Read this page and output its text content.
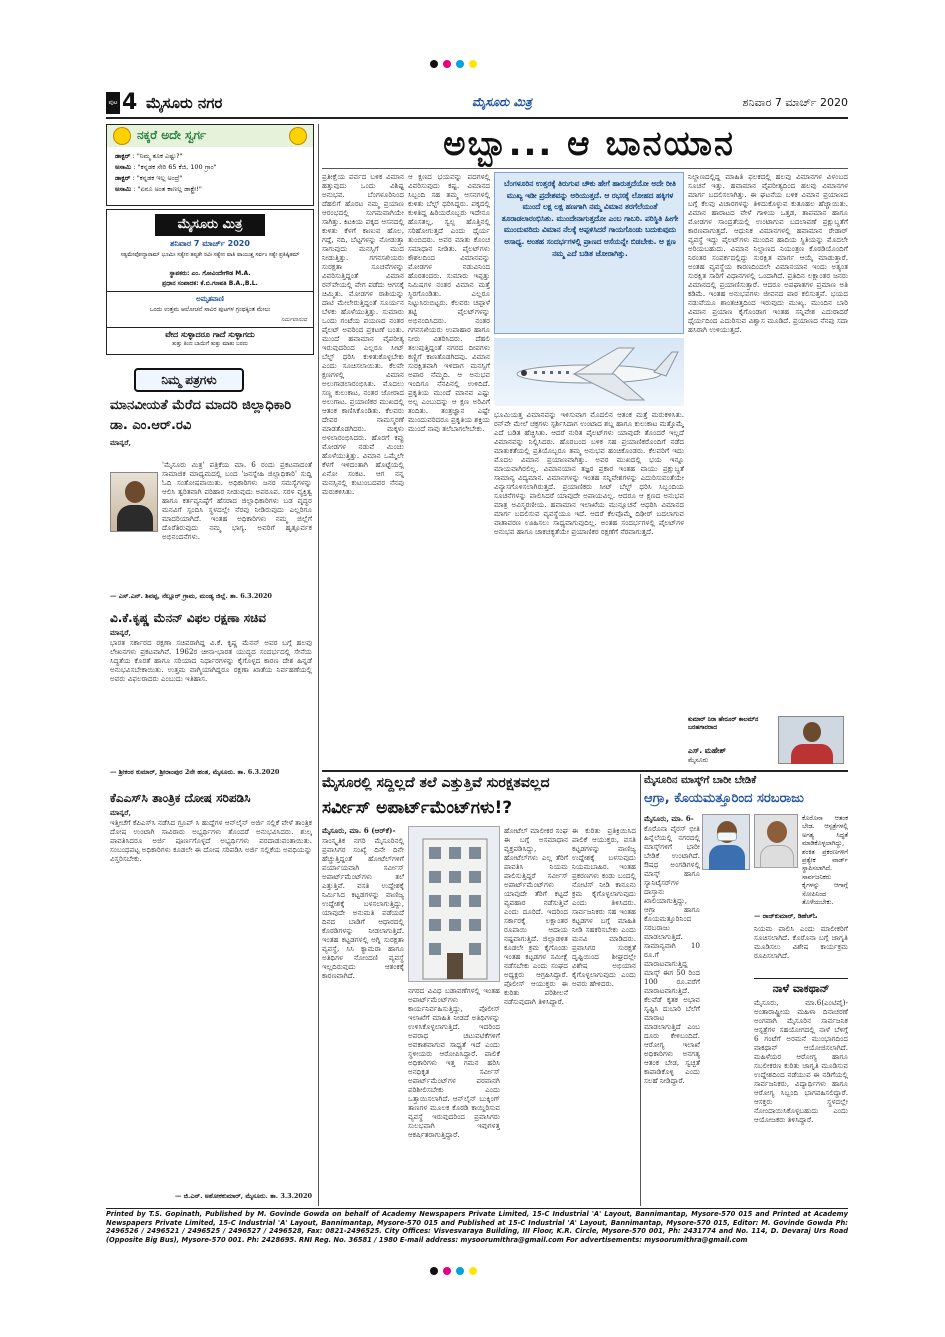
ಪುಟ 4 ಮೈಸೂರು ನಗರ	ಮೈಸೂರು ಮಿತ್ರ	ಶನಿವಾರ 7 ಮಾರ್ಚ್ 2020
ನಕ್ಕರೆ ಅದೇ ಸ್ವರ್ಗ
ಡಾಕ್ಟರ್ : "ನಿಮ್ಮ ತೂಕ ಎಷ್ಟು?"
ಅಸಾಮಿ : "ಕನ್ನಡಕ ಸೇರಿ 65 ಕೆಜಿ, 100 ಗ್ರಾಂ"
ಡಾಕ್ಟರ್ : "ಕನ್ನಡಕ ಇಲ್ಲ ಅಂದ್ರೆ"
ಅಸಾಮಿ : "ಏನೂ ಅಂತ ಕಾಣಲ್ಲ ಡಾಕ್ಟ್ರೇ!"
ಮೈಸೂರು ಮಿತ್ರ
ಶನಿವಾರ 7 ಮಾರ್ಚ್ 2020
ಸತ್ಯಮೇವೋದ್ಧಾರಾಮ್ ಭೂಮಿಃ ಸತ್ಯೇನ ತಪ್ಯತೇ ರವಿಃ ಸತ್ಯೇನ ವಾತಿ ವಾಯುಶ್ಚ ಸರ್ವಂ ಸತ್ಯೇ ಪ್ರತಿಷ್ಠಿತಮ್
ಸ್ಥಾಪಕರು: ಎಂ. ಗೋವಿಂದೇಗೌಡ M.A.
ಪ್ರಧಾನ ಸಂಪಾದಕ: ಕೆ.ಬಿ.ಗಣಪತಿ B.A.,B.L.
ಅಮೃತವಾಣಿ
ಒಂದು ಉತ್ತಮ ಆಲೋಚನೆ ಸಾವಿರ ಪುಟಗಳ ಗ್ರಂಥಕ್ಕಿಂತ ಮೇಲು
ನಿರ್ಮಲಾನಂದ
ವೇದ ಸುಳ್ಳಾದರೂ ಗಾದೆ ಸುಳ್ಳಾಗದು
ತುತ್ತು ತಿಂದ ಬಾಯಿಗೆ ತುತ್ತು ಮಾತು ಬರದು
ನಿಮ್ಮ ಪತ್ರಗಳು
ಮಾನವೀಯತೆ ಮೆರೆದ ಮಾದರಿ ಜಿಲ್ಲಾಧಿಕಾರಿ ಡಾ. ಎಂ.ಆರ್.ರವಿ
ಮಾನ್ಯರೆ,
'ಮೈಸೂರು ಮಿತ್ರ' ಪತ್ರಿಕೆಯ ಮಾ. 6 ರಂದು ಪ್ರಕಟವಾದಂತೆ ಸಾಮಾಜಿಕ ಮಾಧ್ಯಮದಲ್ಲಿ ಬಂದ 'ಜನಸ್ನೇಹಿ ಜಿಲ್ಲಾಧಿಕಾರಿ' ಸುದ್ದಿ ಓದಿ ಸಂತೋಷವಾಯಿತು. ಅಧಿಕಾರಿಗಳು ಜನರ ಸಮಸ್ಯೆಗಳನ್ನು ಆಲಿಸಿ ತ್ವರಿತವಾಗಿ ಪರಿಹಾರ ನೀಡುವುದು ಅಪರೂಪ. ಸರಳ ವ್ಯಕ್ತಿತ್ವ ಹಾಗೂ ಕರ್ತವ್ಯನಿಷ್ಠೆಗೆ ಹೆಸರಾದ ಜಿಲ್ಲಾಧಿಕಾರಿಗಳು ಬಡ ವೃದ್ಧರ ಮನವಿಗೆ ಸ್ಪಂದಿಸಿ ಸ್ಥಳದಲ್ಲೇ ನೆರವು ನೀಡಿರುವುದು ಎಲ್ಲರಿಗೂ ಮಾದರಿಯಾಗಿದೆ. ಇಂತಹ ಅಧಿಕಾರಿಗಳು ನಮ್ಮ ಜಿಲ್ಲೆಗೆ ದೊರೆತಿರುವುದು ನಮ್ಮ ಭಾಗ್ಯ. ಅವರಿಗೆ ಹೃತ್ಪೂರ್ವಕ ಅಭಿನಂದನೆಗಳು.
— ಎಸ್.ಎನ್. ಶಿವಪ್ಪ, ನೆಲ್ಲೂರ್ ಗ್ರಾಮ, ಮಂಡ್ಯ ಜಿಲ್ಲೆ. ತಾ. 6.3.2020
ವಿ.ಕೆ.ಕೃಷ್ಣ ಮೆನನ್ ವಿಫಲ ರಕ್ಷಣಾ ಸಚಿವ
ಮಾನ್ಯರೆ,
ಭಾರತ ಸರ್ಕಾರದ ರಕ್ಷಣಾ ಸಚಿವರಾಗಿದ್ದ ವಿ.ಕೆ. ಕೃಷ್ಣ ಮೆನನ್ ಅವರ ಬಗ್ಗೆ ಹಲವು ಲೇಖನಗಳು ಪ್ರಕಟವಾಗಿವೆ. 1962ರ ಚೀನಾ-ಭಾರತ ಯುದ್ಧದ ಸಂದರ್ಭದಲ್ಲಿ ಸೇನೆಯ ಸಿದ್ಧತೆಯ ಕೊರತೆ ಹಾಗೂ ಸರಿಯಾದ ನಿರ್ಧಾರಗಳನ್ನು ಕೈಗೊಳ್ಳದ ಕಾರಣ ದೇಶ ಹಿನ್ನಡೆ ಅನುಭವಿಸಬೇಕಾಯಿತು. ಉತ್ತಮ ವಾಗ್ಮಿಯಾಗಿದ್ದರೂ ರಕ್ಷಣಾ ಖಾತೆಯ ನಿರ್ವಹಣೆಯಲ್ಲಿ ಅವರು ವಿಫಲರಾದರು ಎಂಬುದು ಇತಿಹಾಸ.
— ಶ್ರೀಕಂಠ ಕುಮಾರ್, ಶ್ರೀರಾಂಪುರ 2ನೇ ಹಂತ, ಮೈಸೂರು. ತಾ. 6.3.2020
ಕೆಎಎಸ್‌ಸಿ ತಾಂತ್ರಿಕ ದೋಷ ಸರಿಪಡಿಸಿ
ಮಾನ್ಯರೆ,
ಇತ್ತೀಚೆಗೆ ಕೆಪಿಎಸ್‌ಸಿ ನಡೆಸಿದ ಗ್ರೂಪ್ ಸಿ ಹುದ್ದೆಗಳ ಆನ್‌ಲೈನ್ ಅರ್ಜಿ ಸಲ್ಲಿಕೆ ವೇಳೆ ತಾಂತ್ರಿಕ ದೋಷ ಉಂಟಾಗಿ ಸಾವಿರಾರು ಅಭ್ಯರ್ಥಿಗಳು ತೊಂದರೆ ಅನುಭವಿಸಿದರು. ಶುಲ್ಕ ಪಾವತಿಸಿದರೂ ಅರ್ಜಿ ಪೂರ್ಣಗೊಳ್ಳದೆ ಅಭ್ಯರ್ಥಿಗಳು ಪರದಾಡುವಂತಾಯಿತು. ಸಂಬಂಧಪಟ್ಟ ಅಧಿಕಾರಿಗಳು ಕೂಡಲೇ ಈ ದೋಷ ಸರಿಪಡಿಸಿ ಅರ್ಜಿ ಸಲ್ಲಿಕೆಯ ಅವಧಿಯನ್ನು ವಿಸ್ತರಿಸಬೇಕು.
— ಜಿ.ಎನ್. ಅಶೋಕಕುಮಾರ್, ಮೈಸೂರು. ತಾ. 3.3.2020
ಅಬ್ಬಾ... ಆ ಬಾನಯಾನ
ಪ್ರತೀಕ್ಷೆಯ ಪರ್ವದ ಬಳಿಕ ವಿಮಾನ ಹತ್ತುವುದು ಒಂದು ವಿಶಿಷ್ಟ ಅನುಭವ. ಬೆಂಗಳೂರಿನಿಂದ ದೆಹಲಿಗೆ ಹೊರಟ ನಮ್ಮ ಪ್ರಯಾಣ ಆರಂಭದಲ್ಲಿ ಸುಗಮವಾಗಿಯೇ ಸಾಗಿತ್ತು. ಕಿಟಕಿಯ ಪಕ್ಕದ ಆಸನದಲ್ಲಿ ಕುಳಿತು ಕೆಳಗೆ ಕಾಣುವ ಹೊಲ, ಗದ್ದೆ, ನದಿ, ಬೆಟ್ಟಗಳನ್ನು ನೋಡುತ್ತಾ ಸಾಗುವುದು ಮನಸ್ಸಿಗೆ ಮುದ ನೀಡುತ್ತಿತ್ತು. ಗಗನಸಖಿಯರು ಸುರಕ್ಷತಾ ಸೂಚನೆಗಳನ್ನು ವಿವರಿಸುತ್ತಿದ್ದಂತೆ ವಿಮಾನ ರನ್‌ವೇಯಲ್ಲಿ ವೇಗ ಪಡೆದು ಆಗಸಕ್ಕೆ ಚಿಮ್ಮಿತು. ಮೋಡಗಳ ರಾಶಿಯನ್ನು ದಾಟಿ ಮೇಲೇರುತ್ತಿದ್ದಂತೆ ಸೂರ್ಯನ ಬೆಳಕು ಹೊಳೆಯುತ್ತಿತ್ತು. ಸುಮಾರು ಒಂದು ಗಂಟೆಯ ಪಯಣದ ನಂತರ ಪೈಲಟ್‌ ಅವರಿಂದ ಪ್ರಕಟಣೆ ಬಂತು. ಮುಂದೆ ಹವಾಮಾನ ವೈಪರೀತ್ಯ ಇರುವುದರಿಂದ ಎಲ್ಲರೂ ಸೀಟ್ ಬೆಲ್ಟ್ ಧರಿಸಿ ಕುಳಿತುಕೊಳ್ಳಬೇಕು ಎಂದು ಸೂಚಿಸಲಾಯಿತು. ಕೆಲವೇ ಕ್ಷಣಗಳಲ್ಲಿ ವಿಮಾನ ಅಲುಗಾಡಲಾರಂಭಿಸಿತು. ಮೊದಲು ಸಣ್ಣ ಕುಲುಕಾಟ, ನಂತರ ಜೋರಾದ ಅಲುಗಾಟ. ಪ್ರಯಾಣಿಕರ ಮುಖದಲ್ಲಿ ಆತಂಕ ಕಾಣಿಸಿಕೊಂಡಿತು. ಕೆಲವರು ದೇವರ ನಾಮಸ್ಮರಣೆ ಮಾಡತೊಡಗಿದರು. ಮಕ್ಕಳು ಅಳಲಾರಂಭಿಸಿದರು. ಹೊರಗೆ ಕಪ್ಪು ಮೋಡಗಳ ನಡುವೆ ಮಿಂಚು ಹೊಳೆಯುತ್ತಿತ್ತು. ವಿಮಾನ ಒಮ್ಮೆಲೇ ಕೆಳಗೆ ಇಳಿದಂತಾಗಿ ಹೊಟ್ಟೆಯಲ್ಲಿ ಏನೋ ಸಂಕಟ. ಆಗ ನನ್ನ ಮನಸ್ಸಿನಲ್ಲಿ ಕುಟುಂಬದವರ ನೆನಪು ಮರುಕಳಿಸಿತು.
ಆ ಕ್ಷಣದ ಭಯವನ್ನು ಪದಗಳಲ್ಲಿ ವಿವರಿಸುವುದು ಕಷ್ಟ. ವಿಮಾನದ ಸಿಬ್ಬಂದಿ ಸಹ ತಮ್ಮ ಆಸನಗಳಲ್ಲಿ ಕುಳಿತು ಬೆಲ್ಟ್ ಧರಿಸಿದ್ದರು. ಪಕ್ಕದಲ್ಲಿ ಕುಳಿತಿದ್ದ ಹಿರಿಯರೊಬ್ಬರು ಇದೇನೂ ಹೊಸತಲ್ಲ, ಸ್ವಲ್ಪ ಹೊತ್ತಿನಲ್ಲಿ ಸರಿಹೋಗುತ್ತದೆ ಎಂದು ಧೈರ್ಯ ತುಂಬಿದರು. ಅವರ ಮಾತು ಕೊಂಚ ಸಮಾಧಾನ ನೀಡಿತು. ಪೈಲಟ್‌ಗಳು ಕೌಶಲದಿಂದ ವಿಮಾನವನ್ನು ಮೋಡಗಳ ನಡುವಿನಿಂದ ಹೊರತಂದರು. ಸುಮಾರು ಇಪ್ಪತ್ತು ನಿಮಿಷಗಳ ನಂತರ ವಿಮಾನ ಮತ್ತೆ ಸ್ಥಿರಗೊಂಡಿತು. ಎಲ್ಲರೂ ನಿಟ್ಟುಸಿರುಬಿಟ್ಟರು. ಕೆಲವರು ಚಪ್ಪಾಳೆ ತಟ್ಟಿ ಪೈಲಟ್‌ಗಳನ್ನು ಅಭಿನಂದಿಸಿದರು. ನಂತರ ಗಗನಸಖಿಯರು ಉಪಾಹಾರ ಹಾಗೂ ನೀರು ವಿತರಿಸಿದರು. ದೆಹಲಿ ತಲುಪುತ್ತಿದ್ದಂತೆ ನಗರದ ದೀಪಗಳು ಕಣ್ಣಿಗೆ ಕಾಣತೊಡಗಿದವು. ವಿಮಾನ ಸುರಕ್ಷಿತವಾಗಿ ಇಳಿದಾಗ ಮನಸ್ಸಿಗೆ ಅಪಾರ ನೆಮ್ಮದಿ. ಆ ಅನುಭವ ಇಂದಿಗೂ ನೆನಪಿನಲ್ಲಿ ಉಳಿದಿದೆ. ಪ್ರಕೃತಿಯ ಮುಂದೆ ಮಾನವ ಎಷ್ಟು ಅಲ್ಪ ಎಂಬುದನ್ನು ಆ ಕ್ಷಣ ಅರಿವಿಗೆ ತಂದಿತು. ತಂತ್ರಜ್ಞಾನ ಎಷ್ಟೇ ಮುಂದುವರಿದರೂ ಪ್ರಕೃತಿಯ ಶಕ್ತಿಯ ಮುಂದೆ ನಾವು ತಲೆಬಾಗಲೇಬೇಕು.
ಬೆಂಗಳೂರಿನ ಉತ್ತರಕ್ಕೆ ತಿರುಗುವ ಚೌಕು ಹೇಗೆ ಹಾರುತ್ತದೆಯೋ ಅದೇ ರೀತಿ ಮುಖ್ಯ ಇಡೀ ಪ್ರದೇಶವನ್ನು ಅರಿಯುತ್ತದೆ. ಆ ರಭಸಕ್ಕೆ ಲೋಹದ ಹಕ್ಕಿಗಳ ಮುಂದೆ ಲಕ್ಷ ಲಕ್ಷ ಹಣಗಾಗಿ ನಮ್ಮ ವಿಮಾನ ತರಗೆಲೆಯಂತೆ ತೂರಾಡಲಾರಂಭಿಸಿತು. ಮುಂದೇನಾಗುತ್ತದೋ ಎಂಬ ಗಾಬರಿ. ಪರಿಸ್ಥಿತಿ ಹೀಗೇ ಮುಂದುವರಿದು ವಿಮಾನ ನೆಲಕ್ಕೆ ಅಪ್ಪಳಿಸಿದರೆ ಗಾಯಗೊಂಡು ಬದುಕುವುದು ಅಸಾಧ್ಯ. ಅಂತಹ ಸಂದರ್ಭಗಳಲ್ಲಿ ಪ್ರಾಣದ ಆಸೆಯನ್ನೇ ಬಿಡಬೇಕು. ಆ ಕ್ಷಣ ನಮ್ಮ ಎದೆ ಬಡಿತ ಜೋರಾಗಿತ್ತು.
ಭೂಮಿಯತ್ತ ವಿಮಾನವನ್ನು ಇಳಿಸುವಾಗ ಮೊದಲಿನ ಆತಂಕ ಮತ್ತೆ ಮರುಕಳಿಸಿತು. ರನ್‌ವೇ ಮೇಲೆ ಚಕ್ರಗಳು ಸ್ಪರ್ಶಿಸಿದಾಗ ಉಂಟಾದ ಶಬ್ದ ಹಾಗೂ ಕುಲುಕಾಟ ಮತ್ತೊಮ್ಮೆ ಎದೆ ಬಡಿತ ಹೆಚ್ಚಿಸಿತು. ಆದರೆ ನುರಿತ ಪೈಲಟ್‌ಗಳು ಯಾವುದೇ ತೊಂದರೆ ಇಲ್ಲದೆ ವಿಮಾನವನ್ನು ನಿಲ್ಲಿಸಿದರು. ಹೊರಬಂದ ಬಳಿಕ ಸಹ ಪ್ರಯಾಣಿಕರೊಂದಿಗೆ ನಡೆದ ಮಾತುಕತೆಯಲ್ಲಿ ಪ್ರತಿಯೊಬ್ಬರೂ ತಮ್ಮ ಅನುಭವ ಹಂಚಿಕೊಂಡರು. ಕೆಲವರಿಗೆ ಇದು ಮೊದಲ ವಿಮಾನ ಪ್ರಯಾಣವಾಗಿತ್ತು. ಅವರ ಮುಖದಲ್ಲಿ ಭಯ ಇನ್ನೂ ಮಾಯವಾಗಿರಲಿಲ್ಲ. ವಿಮಾನಯಾನ ತಜ್ಞರ ಪ್ರಕಾರ ಇಂತಹ ವಾಯು ಪ್ರಕ್ಷುಬ್ಧತೆ ಸಾಮಾನ್ಯ ವಿದ್ಯಮಾನ. ವಿಮಾನಗಳನ್ನು ಇಂತಹ ಸನ್ನಿವೇಶಗಳನ್ನು ಎದುರಿಸುವಂತೆಯೇ ವಿನ್ಯಾಸಗೊಳಿಸಲಾಗಿರುತ್ತದೆ. ಪ್ರಯಾಣಿಕರು ಸೀಟ್ ಬೆಲ್ಟ್ ಧರಿಸಿ ಸಿಬ್ಬಂದಿಯ ಸೂಚನೆಗಳನ್ನು ಪಾಲಿಸಿದರೆ ಯಾವುದೇ ಅಪಾಯವಿಲ್ಲ. ಆದರೂ ಆ ಕ್ಷಣದ ಅನುಭವ ಮಾತ್ರ ಅವಿಸ್ಮರಣೀಯ. ಹವಾಮಾನ ಇಲಾಖೆಯ ಮುನ್ಸೂಚನೆ ಆಧರಿಸಿ ವಿಮಾನದ ಮಾರ್ಗ ಬದಲಿಸುವ ವ್ಯವಸ್ಥೆಯೂ ಇದೆ. ಆದರೆ ಕೆಲವೊಮ್ಮೆ ದಿಢೀರ್ ಬದಲಾಗುವ ವಾತಾವರಣ ಊಹಿಸಲು ಸಾಧ್ಯವಾಗುವುದಿಲ್ಲ. ಅಂತಹ ಸಂದರ್ಭಗಳಲ್ಲಿ ಪೈಲಟ್‌ಗಳ ಅನುಭವ ಹಾಗೂ ಚಾಕಚಕ್ಯತೆಯೇ ಪ್ರಯಾಣಿಕರ ರಕ್ಷಣೆಗೆ ನೆರವಾಗುತ್ತದೆ.
ನಿಲ್ದಾಣದಲ್ಲಿದ್ದ ಮಾಹಿತಿ ಫಲಕದಲ್ಲಿ ಹಲವು ವಿಮಾನಗಳ ವಿಳಂಬದ ಸೂಚನೆ ಇತ್ತು. ಹವಾಮಾನ ವೈಪರೀತ್ಯದಿಂದ ಹಲವು ವಿಮಾನಗಳ ಮಾರ್ಗ ಬದಲಿಸಲಾಗಿತ್ತು. ಈ ಘಟನೆಯ ಬಳಿಕ ವಿಮಾನ ಪ್ರಯಾಣದ ಬಗ್ಗೆ ಕೆಲವು ವಿಚಾರಗಳನ್ನು ತಿಳಿದುಕೊಳ್ಳುವ ಕುತೂಹಲ ಹೆಚ್ಚಾಯಿತು. ವಿಮಾನ ಹಾರಾಟದ ವೇಳೆ ಗಾಳಿಯ ಒತ್ತಡ, ತಾಪಮಾನ ಹಾಗೂ ಮೋಡಗಳ ಸಾಂದ್ರತೆಯಲ್ಲಿ ಉಂಟಾಗುವ ಬದಲಾವಣೆ ಪ್ರಕ್ಷುಬ್ಧತೆಗೆ ಕಾರಣವಾಗುತ್ತದೆ. ಆಧುನಿಕ ವಿಮಾನಗಳಲ್ಲಿ ಹವಾಮಾನ ರೇಡಾರ್ ವ್ಯವಸ್ಥೆ ಇದ್ದು ಪೈಲಟ್‌ಗಳು ಮುಂದಿನ ಹಾದಿಯ ಸ್ಥಿತಿಯನ್ನು ಮೊದಲೇ ಅರಿಯಬಹುದು. ವಿಮಾನ ನಿಲ್ದಾಣದ ನಿಯಂತ್ರಣ ಕೊಠಡಿಯೊಂದಿಗೆ ನಿರಂತರ ಸಂಪರ್ಕದಲ್ಲಿದ್ದು ಸುರಕ್ಷಿತ ಮಾರ್ಗ ಆಯ್ಕೆ ಮಾಡುತ್ತಾರೆ. ಅಂತಹ ವ್ಯವಸ್ಥೆಯ ಕಾರಣದಿಂದಲೇ ವಿಮಾನಯಾನ ಇಂದು ಅತ್ಯಂತ ಸುರಕ್ಷಿತ ಸಾರಿಗೆ ವಿಧಾನಗಳಲ್ಲಿ ಒಂದಾಗಿದೆ. ಪ್ರತಿದಿನ ಲಕ್ಷಾಂತರ ಜನರು ವಿಮಾನದಲ್ಲಿ ಪ್ರಯಾಣಿಸುತ್ತಾರೆ. ಆದರೂ ಅಪಘಾತಗಳ ಪ್ರಮಾಣ ಅತಿ ಕಡಿಮೆ. ಇಂತಹ ಅನುಭವಗಳು ಜೀವನದ ಪಾಠ ಕಲಿಸುತ್ತವೆ. ಭಯದ ನಡುವೆಯೂ ಶಾಂತಚಿತ್ತದಿಂದ ಇರುವುದು ಮುಖ್ಯ. ಮುಂದಿನ ಬಾರಿ ವಿಮಾನ ಪ್ರಯಾಣ ಕೈಗೊಂಡಾಗ ಇಂತಹ ಸನ್ನಿವೇಶ ಎದುರಾದರೆ ಧೈರ್ಯದಿಂದ ಎದುರಿಸುವ ವಿಶ್ವಾಸ ಮೂಡಿದೆ. ಪ್ರಯಾಣದ ನೆನಪು ಸದಾ ಹಸಿರಾಗಿ ಉಳಿಯುತ್ತದೆ.
ಕುಮಾರ್ ನಿರಾ ಹೇರೂರ್ ಕಾಲಮ್‌ನ ಬರಹಗಾರರಾದ
ಎಸ್. ಮಹೇಶ್
ಮೈಸೂರು
ಮೈಸೂರಲ್ಲಿ ಸದ್ದಿಲ್ಲದೆ ತಲೆ ಎತ್ತುತ್ತಿವೆ ಸುರಕ್ಷತವಲ್ಲದ
ಸರ್ವೀಸ್ ಅಪಾರ್ಟ್‌ಮೆಂಟ್‌ಗಳು!?
ಮೈಸೂರು, ಮಾ. 6 (ಆರ್‌ಕೆ)-
ಸಾಂಸ್ಕೃತಿಕ ನಗರಿ ಮೈಸೂರಿನಲ್ಲಿ ಪ್ರವಾಸಿಗರ ಸಂಖ್ಯೆ ದಿನೇ ದಿನೇ ಹೆಚ್ಚುತ್ತಿದ್ದಂತೆ ಹೋಟೆಲ್‌ಗಳಿಗೆ ಪರ್ಯಾಯವಾಗಿ ಸರ್ವೀಸ್ ಅಪಾರ್ಟ್‌ಮೆಂಟ್‌ಗಳು ತಲೆ ಎತ್ತುತ್ತಿವೆ. ವಸತಿ ಉದ್ದೇಶಕ್ಕೆ ನಿರ್ಮಿಸಿದ ಕಟ್ಟಡಗಳನ್ನು ವಾಣಿಜ್ಯ ಉದ್ದೇಶಕ್ಕೆ ಬಳಸಲಾಗುತ್ತಿದ್ದು, ಯಾವುದೇ ಅನುಮತಿ ಪಡೆಯದೆ ದಿನದ ಬಾಡಿಗೆ ಆಧಾರದಲ್ಲಿ ಕೊಠಡಿಗಳನ್ನು ನೀಡಲಾಗುತ್ತಿದೆ. ಇಂತಹ ಕಟ್ಟಡಗಳಲ್ಲಿ ಅಗ್ನಿ ಸುರಕ್ಷತಾ ವ್ಯವಸ್ಥೆ, ಸಿಸಿ ಕ್ಯಾಮರಾ ಹಾಗೂ ಅತಿಥಿಗಳ ನೋಂದಣಿ ವ್ಯವಸ್ಥೆ ಇಲ್ಲದಿರುವುದು ಆತಂಕಕ್ಕೆ ಕಾರಣವಾಗಿದೆ.
ನಗರದ ವಿವಿಧ ಬಡಾವಣೆಗಳಲ್ಲಿ ಇಂತಹ ಅಪಾರ್ಟ್‌ಮೆಂಟ್‌ಗಳು ಕಾರ್ಯನಿರ್ವಹಿಸುತ್ತಿದ್ದು, ಪೊಲೀಸ್ ಇಲಾಖೆಗೆ ಮಾಹಿತಿ ನೀಡದೆ ಅತಿಥಿಗಳನ್ನು ಉಳಿಸಿಕೊಳ್ಳಲಾಗುತ್ತಿದೆ. ಇದರಿಂದ ಅಪರಾಧ ಚಟುವಟಿಕೆಗಳಿಗೆ ಅವಕಾಶವಾಗುವ ಸಾಧ್ಯತೆ ಇದೆ ಎಂದು ಸ್ಥಳೀಯರು ಆರೋಪಿಸಿದ್ದಾರೆ. ಪಾಲಿಕೆ ಅಧಿಕಾರಿಗಳು ಇತ್ತ ಗಮನ ಹರಿಸಿ ಅನಧಿಕೃತ ಸರ್ವೀಸ್ ಅಪಾರ್ಟ್‌ಮೆಂಟ್‌ಗಳ ಪರವಾನಗಿ ಪರಿಶೀಲಿಸಬೇಕು ಎಂದು ಒತ್ತಾಯಿಸಲಾಗಿದೆ. ಆನ್‌ಲೈನ್ ಬುಕ್ಕಿಂಗ್ ತಾಣಗಳ ಮೂಲಕ ಕೊಠಡಿ ಕಾಯ್ದಿರಿಸುವ ವ್ಯವಸ್ಥೆ ಇರುವುದರಿಂದ ಪ್ರವಾಸಿಗರು ಸುಲಭವಾಗಿ ಇವುಗಳತ್ತ ಆಕರ್ಷಿತರಾಗುತ್ತಿದ್ದಾರೆ.
ಹೋಟೆಲ್ ಮಾಲೀಕರ ಸಂಘ ಈ ಬಗ್ಗೆ ಅಸಮಾಧಾನ ವ್ಯಕ್ತಪಡಿಸಿದ್ದು, ಹೋಟೆಲ್‌ಗಳು ಎಲ್ಲ ತೆರಿಗೆ ಪಾವತಿಸಿ ನಿಯಮ ಪಾಲಿಸುತ್ತಿದ್ದರೆ ಸರ್ವೀಸ್ ಅಪಾರ್ಟ್‌ಮೆಂಟ್‌ಗಳು ಯಾವುದೇ ತೆರಿಗೆ ಕಟ್ಟದೆ ವ್ಯವಹಾರ ನಡೆಸುತ್ತಿವೆ ಎಂದು ದೂರಿದೆ. ಇದರಿಂದ ಸರ್ಕಾರಕ್ಕೆ ಲಕ್ಷಾಂತರ ರೂಪಾಯಿ ಆದಾಯ ನಷ್ಟವಾಗುತ್ತಿದೆ. ಜಿಲ್ಲಾಡಳಿತ ಕೂಡಲೇ ಕ್ರಮ ಕೈಗೊಂಡು ಇಂತಹ ಕಟ್ಟಡಗಳ ಸಮೀಕ್ಷೆ ನಡೆಸಬೇಕು ಎಂದು ಸಂಘದ ಅಧ್ಯಕ್ಷರು ಆಗ್ರಹಿಸಿದ್ದಾರೆ. ಪೊಲೀಸ್ ಆಯುಕ್ತರು ಈ ಕುರಿತು ಪರಿಶೀಲನೆ ನಡೆಸುವುದಾಗಿ ತಿಳಿಸಿದ್ದಾರೆ.
ಈ ಕುರಿತು ಪ್ರತಿಕ್ರಿಯಿಸಿದ ಪಾಲಿಕೆ ಆಯುಕ್ತರು, ವಸತಿ ಕಟ್ಟಡಗಳನ್ನು ವಾಣಿಜ್ಯ ಉದ್ದೇಶಕ್ಕೆ ಬಳಸುವುದು ನಿಯಮಬಾಹಿರ. ಇಂತಹ ಪ್ರಕರಣಗಳು ಕಂಡು ಬಂದಲ್ಲಿ ನೋಟಿಸ್ ನೀಡಿ ಕಾನೂನು ಕ್ರಮ ಕೈಗೊಳ್ಳಲಾಗುವುದು ಎಂದು ತಿಳಿಸಿದರು. ಸಾರ್ವಜನಿಕರು ಸಹ ಇಂತಹ ಕಟ್ಟಡಗಳ ಬಗ್ಗೆ ಮಾಹಿತಿ ನೀಡಿ ಸಹಕರಿಸಬೇಕು ಎಂದು ಮನವಿ ಮಾಡಿದರು. ಪ್ರವಾಸಿಗರ ಸುರಕ್ಷತೆ ದೃಷ್ಟಿಯಿಂದ ಶೀಘ್ರದಲ್ಲೇ ವಿಶೇಷ ಅಭಿಯಾನ ಕೈಗೊಳ್ಳಲಾಗುವುದು ಎಂದು ಅವರು ಹೇಳಿದರು.
ಮೈಸೂರಿನ ಮಾಸ್ಕ್‌ಗೆ ಬಾರೀ ಬೇಡಿಕೆ
ಆಗ್ರಾ, ಕೊಯಮತ್ತೂರಿಂದ ಸರಬರಾಜು
ಮೈಸೂರು, ಮಾ. 6-
ಕೊರೊನಾ ವೈರಸ್ ಭೀತಿ ಹಿನ್ನೆಲೆಯಲ್ಲಿ ನಗರದಲ್ಲಿ ಮಾಸ್ಕ್‌ಗಳಿಗೆ ಭಾರೀ ಬೇಡಿಕೆ ಉಂಟಾಗಿದೆ. ಔಷಧ ಅಂಗಡಿಗಳಲ್ಲಿ ಮಾಸ್ಕ್ ಹಾಗೂ ಸ್ಯಾನಿಟೈಸರ್‌ಗಳ ದಾಸ್ತಾನು ಖಾಲಿಯಾಗುತ್ತಿದ್ದು, ಆಗ್ರಾ ಹಾಗೂ ಕೊಯಮತ್ತೂರಿನಿಂದ ಸರಬರಾಜು ಮಾಡಲಾಗುತ್ತಿದೆ. ಸಾಮಾನ್ಯವಾಗಿ 10 ರೂ.ಗೆ ಮಾರಾಟವಾಗುತ್ತಿದ್ದ ಮಾಸ್ಕ್ ಈಗ 50 ರಿಂದ 100 ರೂ.ವರೆಗೆ ಮಾರಾಟವಾಗುತ್ತಿದೆ. ಕೆಲವೆಡೆ ಕೃತಕ ಅಭಾವ ಸೃಷ್ಟಿಸಿ ದುಬಾರಿ ಬೆಲೆಗೆ ಮಾರಾಟ ಮಾಡಲಾಗುತ್ತಿದೆ ಎಂಬ ದೂರು ಕೇಳಿಬಂದಿದೆ. ಆರೋಗ್ಯ ಇಲಾಖೆ ಅಧಿಕಾರಿಗಳು ಅನಗತ್ಯ ಆತಂಕ ಬೇಡ, ಸ್ವಚ್ಛತೆ ಕಾಪಾಡಿಕೊಳ್ಳಿ ಎಂದು ಸಲಹೆ ನೀಡಿದ್ದಾರೆ.
ಕೊರೊನಾ ಆತಂಕ ಬೇಡ. ಆಸ್ಪತ್ರೆಗಳಲ್ಲಿ ಅಗತ್ಯ ಸಿದ್ಧತೆ ಮಾಡಿಕೊಳ್ಳಲಾಗಿದ್ದು, ಶಂಕಿತ ಪ್ರಕರಣಗಳಿಗೆ ಪ್ರತ್ಯೇಕ ವಾರ್ಡ್ ಸ್ಥಾಪಿಸಲಾಗಿದೆ. ಸಾರ್ವಜನಿಕರು ಕೈಗಳನ್ನು ಆಗಾಗ್ಗೆ ಸೋಪಿನಿಂದ ತೊಳೆಯಬೇಕು.
— ರಾಜ್‌ಕುಮಾರ್, ಡಿಹೆಚ್‌ಓ
ನಿಯಮ ಪಾಲಿಸಿ ಎಂದು ಮಾಲೀಕರಿಗೆ ಸೂಚಿಸಲಾಗಿದೆ. ಕೊರೊನಾ ಬಗ್ಗೆ ಜಾಗೃತಿ ಮೂಡಿಸಲು ವಿಶೇಷ ಕಾರ್ಯಕ್ರಮ ರೂಪಿಸಲಾಗಿದೆ.
ನಾಳೆ ವಾಕಥಾನ್
ಮೈಸೂರು, ಮಾ.6(ಎಂಟಿವೈ)- ಅಂತಾರಾಷ್ಟ್ರೀಯ ಮಹಿಳಾ ದಿನಾಚರಣೆ ಅಂಗವಾಗಿ ಮೈಸೂರಿನ ಸಾರ್ವಜನಿಕ ಆಸ್ಪತ್ರೆಗಳ ಸಹಯೋಗದಲ್ಲಿ ನಾಳೆ ಬೆಳಿಗ್ಗೆ 6 ಗಂಟೆಗೆ ಅರಮನೆ ಮುಂಭಾಗದಿಂದ ವಾಕಥಾನ್ ಆಯೋಜಿಸಲಾಗಿದೆ. ಮಹಿಳೆಯರ ಆರೋಗ್ಯ ಹಾಗೂ ಸಬಲೀಕರಣ ಕುರಿತು ಜಾಗೃತಿ ಮೂಡಿಸುವ ಉದ್ದೇಶದಿಂದ ನಡೆಯುವ ಈ ನಡಿಗೆಯಲ್ಲಿ ಸಾರ್ವಜನಿಕರು, ವಿದ್ಯಾರ್ಥಿಗಳು ಹಾಗೂ ಆರೋಗ್ಯ ಸಿಬ್ಬಂದಿ ಭಾಗವಹಿಸಲಿದ್ದಾರೆ. ಆಸಕ್ತರು ಸ್ಥಳದಲ್ಲೇ ನೋಂದಾಯಿಸಿಕೊಳ್ಳಬಹುದು ಎಂದು ಆಯೋಜಕರು ತಿಳಿಸಿದ್ದಾರೆ.
Printed by T.S. Gopinath, Published by M. Govinde Gowda on behalf of Academy Newspapers Private Limited, 15-C Industrial 'A' Layout, Bannimantap, Mysore-570 015 and Printed at Academy Newspapers Private Limited, 15-C Industrial 'A' Layout, Bannimantap, Mysore-570 015 and Published at 15-C Industrial 'A' Layout, Bannimantap, Mysore-570 015, Editor: M. Govinde Gowda Ph: 2496526 / 2496521 / 2496525 / 2496527 / 2496528, Fax: 0821-2496525. City Offices: Visvesvaraya Building, III Floor, K.R. Circle, Mysore-570 001, Ph: 2431774 and No. 114, D. Devaraj Urs Road (Opposite Big Bus), Mysore-570 001. Ph: 2428695. RNI Reg. No. 36581 / 1980 E-mail address: mysoorumithra@gmail.com For advertisements: mysoorumithra@gmail.com
